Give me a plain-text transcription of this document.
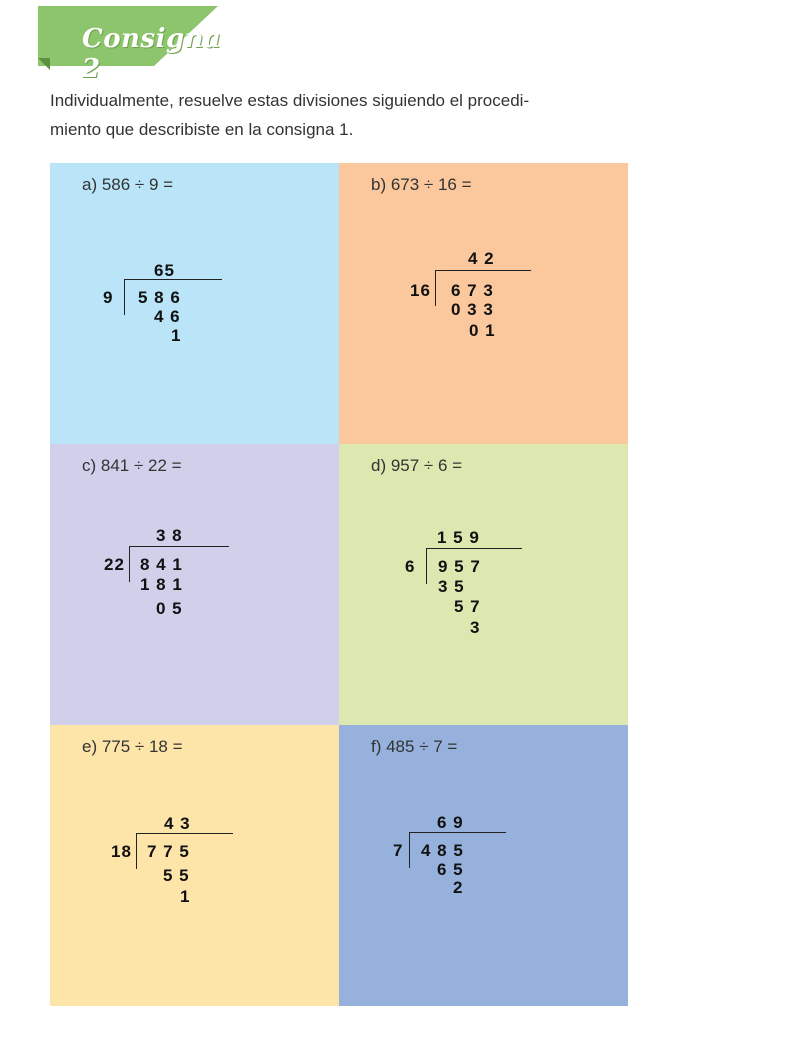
Consigna 2
Individualmente, resuelve estas divisiones siguiendo el procedi-
miento que describiste en la consigna 1.
a) 586 ÷ 9 =
65
9 5 8 6
4 6
1
b) 673 ÷ 16 =
4 2
16 6 7 3
0 3 3
0 1
c) 841 ÷ 22 =
3 8
22 8 4 1
1 8 1
0 5
d) 957 ÷ 6 =
1 5 9
6 9 5 7
3 5
5 7
3
e) 775 ÷ 18 =
4 3
18 7 7 5
5 5
1
f) 485 ÷ 7 =
6 9
7 4 8 5
6 5
2
